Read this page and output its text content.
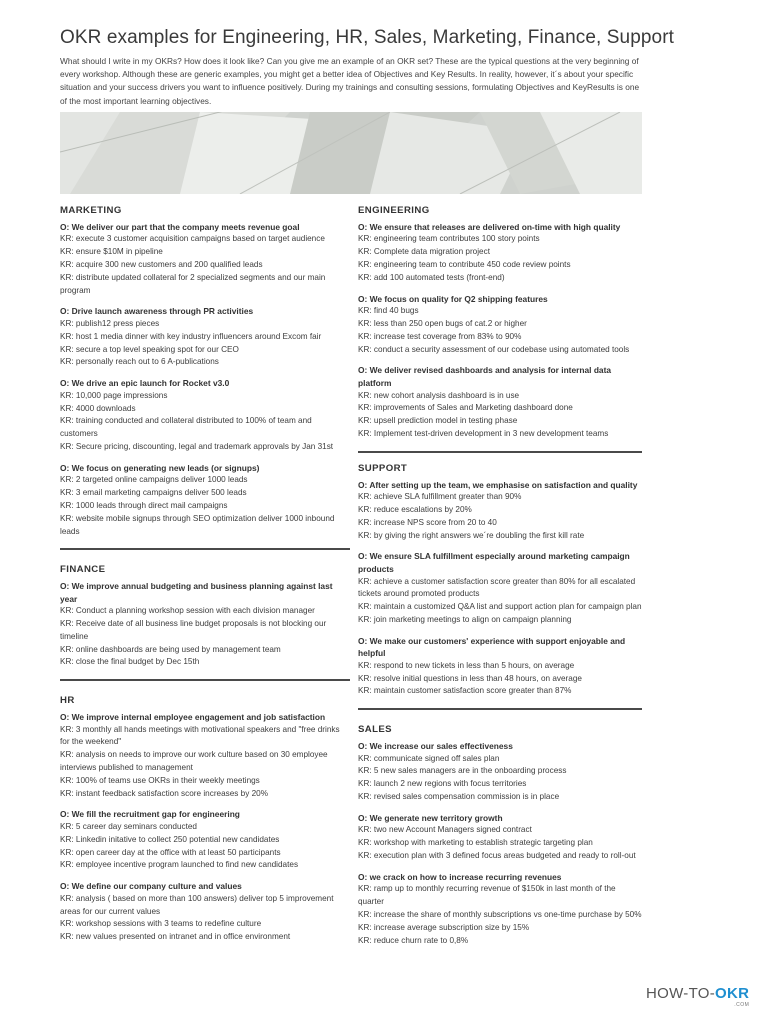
OKR examples for Engineering, HR, Sales, Marketing, Finance, Support
What should I write in my OKRs? How does it look like? Can you give me an example of an OKR set? These are the typical questions at the very beginning of every workshop. Although these are generic examples, you might get a better idea of Objectives and Key Results. In reality, however, it´s about your specific situation and your success drivers you want to influence positively. During my trainings and consulting sessions, formulating Objectives and KeyResults is one of the most important learning objectives.
MARKETING
O: We deliver our part that the company meets revenue goal
KR: execute 3 customer acquisition campaigns based on target audience
KR: ensure $10M in pipeline
KR: acquire 300 new customers and 200 qualified leads
KR: distribute updated collateral for 2 specialized segments and our main program
O: Drive launch awareness through PR activities
KR: publish12 press pieces
KR: host 1 media dinner with key industry influencers around Excom fair
KR: secure a top level speaking spot for our CEO
KR: personally reach out to 6 A-publications
O: We drive an epic launch for Rocket v3.0
KR: 10,000 page impressions
KR: 4000 downloads
KR: training conducted and collateral distributed to 100% of team and customers
KR: Secure pricing, discounting, legal and trademark approvals by Jan 31st
O: We focus on generating new leads (or signups)
KR: 2 targeted online campaigns deliver 1000 leads
KR: 3 email marketing campaigns deliver 500 leads
KR: 1000 leads through direct mail campaigns
KR: website mobile signups through SEO optimization deliver 1000 inbound leads
FINANCE
O: We improve annual budgeting and business planning against last year
KR: Conduct a planning workshop session with each division manager
KR: Receive date of all business line budget proposals is not blocking our timeline
KR: online dashboards are being used by management team
KR: close the final budget by Dec 15th
HR
O: We improve internal employee engagement and job satisfaction
KR: 3 monthly all hands meetings with motivational speakers and "free drinks for the weekend"
KR: analysis on needs to improve our work culture based on 30 employee interviews published to management
KR: 100% of teams use OKRs in their weekly meetings
KR: instant feedback satisfaction score increases by 20%
O: We fill the recruitment gap for engineering
KR: 5 career day seminars conducted
KR: Linkedin initative to collect 250 potential new candidates
KR: open career day at the office with at least 50 participants
KR: employee incentive program launched to find new candidates
O: We define our company culture and values
KR: analysis ( based on more than 100 answers) deliver top 5 improvement areas for our current values
KR: workshop sessions with 3 teams to redefine culture
KR: new values presented on intranet and in office environment
ENGINEERING
O: We ensure that releases are delivered on-time with high quality
KR: engineering team contributes 100 story points
KR: Complete data migration project
KR: engineering team to contribute 450 code review points
KR: add 100 automated tests (front-end)
O: We focus on quality for Q2 shipping features
KR: find 40 bugs
KR: less than 250 open bugs of cat.2 or higher
KR: increase test coverage from 83% to 90%
KR: conduct a security assessment of our codebase using automated tools
O: We deliver revised dashboards and analysis for internal data platform
KR: new cohort analysis dashboard is in use
KR: improvements of Sales and Marketing dashboard done
KR: upsell prediction model in testing phase
KR: Implement test-driven development in 3 new development teams
SUPPORT
O: After setting up the team, we emphasise on satisfaction and quality
KR: achieve SLA fulfillment greater than 90%
KR: reduce escalations by 20%
KR: increase NPS score from 20 to 40
KR: by giving the right answers we´re doubling the first kill rate
O: We ensure SLA fulfillment especially around marketing campaign products
KR: achieve a customer satisfaction score greater than 80% for all escalated tickets around promoted products
KR: maintain a customized Q&A list and support action plan for campaign plan
KR: join marketing meetings to align on campaign planning
O: We make our customers' experience with support enjoyable and helpful
KR: respond to new tickets in less than 5 hours, on average
KR: resolve initial questions in less than 48 hours, on average
KR: maintain customer satisfaction score greater than 87%
SALES
O: We increase our sales effectiveness
KR: communicate signed off sales plan
KR: 5 new sales managers are in the onboarding process
KR: launch 2 new regions with focus territories
KR: revised sales compensation commission is in place
O: We generate new territory growth
KR: two new Account Managers signed contract
KR: workshop with marketing to establish strategic targeting plan
KR: execution plan with 3 defined focus areas budgeted and ready to roll-out
O: we crack on how to increase recurring revenues
KR: ramp up to monthly recurring revenue of $150k in last month of the quarter
KR: increase the share of monthly subscriptions vs one-time purchase by 50%
KR: increase average subscription size by 15%
KR: reduce churn rate to 0,8%
HOW-TO-OKR
.COM
